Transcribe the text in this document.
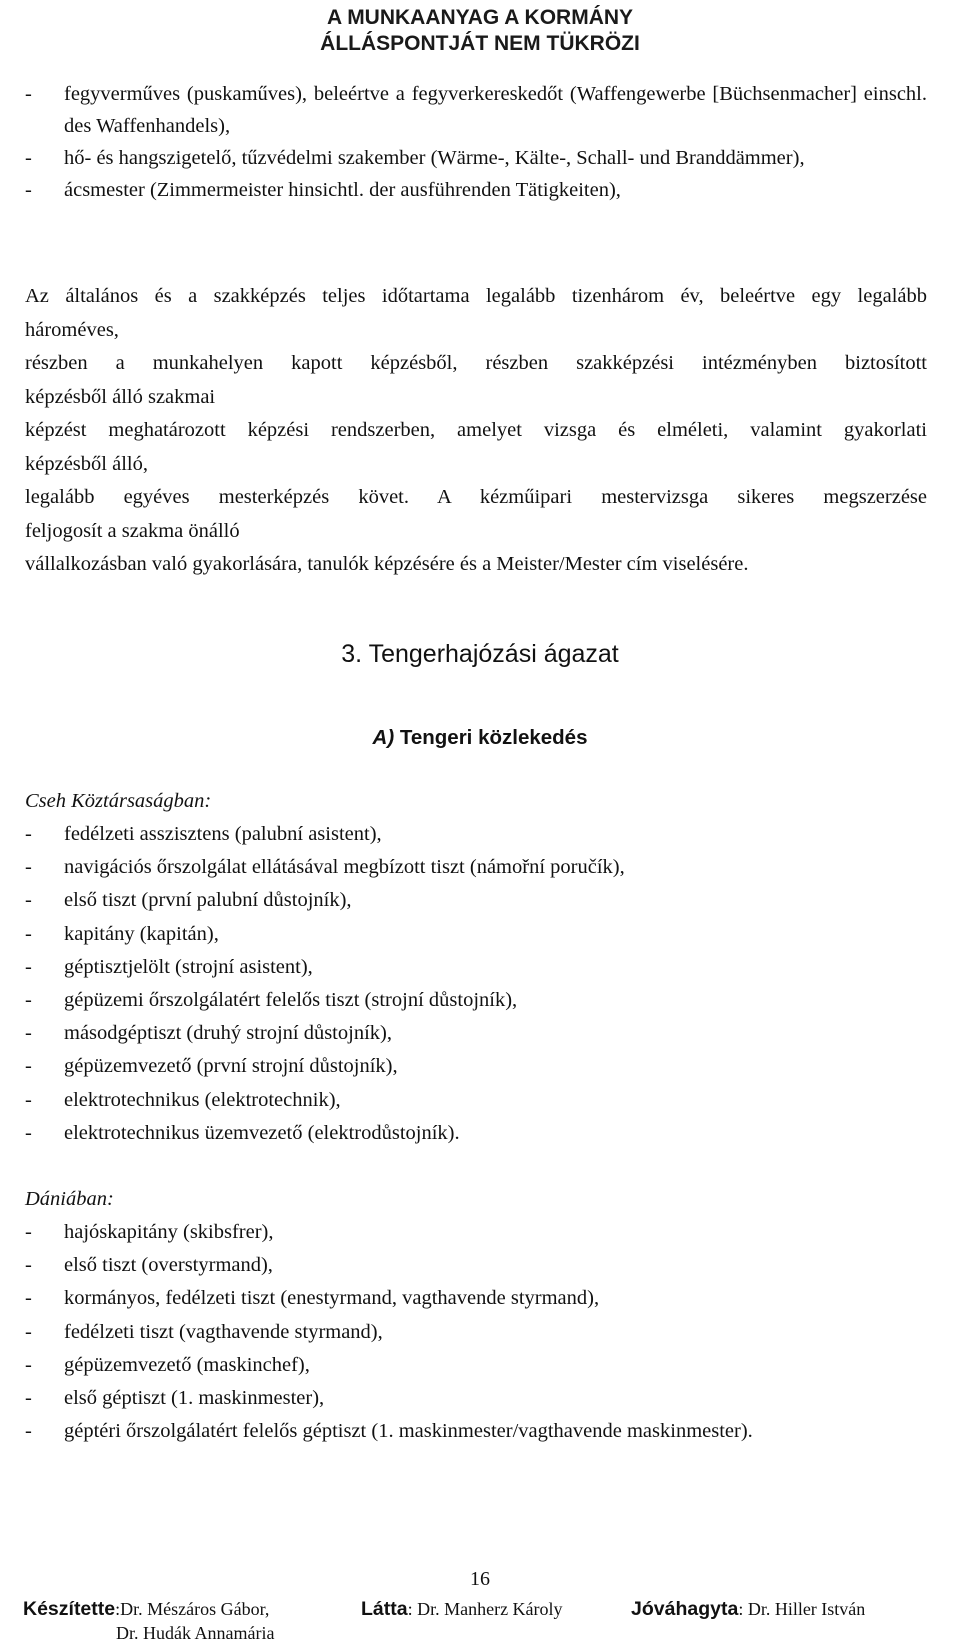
A MUNKAANYAG A KORMÁNY
ÁLLÁSPONTJÁT NEM TÜKRÖZI
- fegyverműves (puskaműves), beleértve a fegyverkereskedőt (Waffengewerbe [Büchsenmacher] einschl. des Waffenhandels),
- hő- és hangszigetelő, tűzvédelmi szakember (Wärme-, Kälte-, Schall- und Branddämmer),
- ácsmester (Zimmermeister hinsichtl. der ausführenden Tätigkeiten),
Az általános és a szakképzés teljes időtartama legalább tizenhárom év, beleértve egy legalább
hároméves,
részben a munkahelyen kapott képzésből, részben szakképzési intézményben biztosított
képzésből álló szakmai
képzést meghatározott képzési rendszerben, amelyet vizsga és elméleti, valamint gyakorlati
képzésből álló,
legalább egyéves mesterképzés követ. A kézműipari mestervizsga sikeres megszerzése
feljogosít a szakma önálló
vállalkozásban való gyakorlására, tanulók képzésére és a Meister/Mester cím viselésére.
3. Tengerhajózási ágazat
A) Tengeri közlekedés
Cseh Köztársaságban:
- fedélzeti asszisztens (palubní asistent),
- navigációs őrszolgálat ellátásával megbízott tiszt (námořní poručík),
- első tiszt (první palubní důstojník),
- kapitány (kapitán),
- géptisztjelölt (strojní asistent),
- gépüzemi őrszolgálatért felelős tiszt (strojní důstojník),
- másodgéptiszt (druhý strojní důstojník),
- gépüzemvezető (první strojní důstojník),
- elektrotechnikus (elektrotechnik),
- elektrotechnikus üzemvezető (elektrodůstojník).
Dániában:
- hajóskapitány (skibsfrer),
- első tiszt (overstyrmand),
- kormányos, fedélzeti tiszt (enestyrmand, vagthavende styrmand),
- fedélzeti tiszt (vagthavende styrmand),
- gépüzemvezető (maskinchef),
- első géptiszt (1. maskinmester),
- géptéri őrszolgálatért felelős géptiszt (1. maskinmester/vagthavende maskinmester).
16
Készítette:Dr. Mészáros Gábor,
Dr. Hudák Annamária
Látta: Dr. Manherz Károly	Jóváhagyta: Dr. Hiller István
